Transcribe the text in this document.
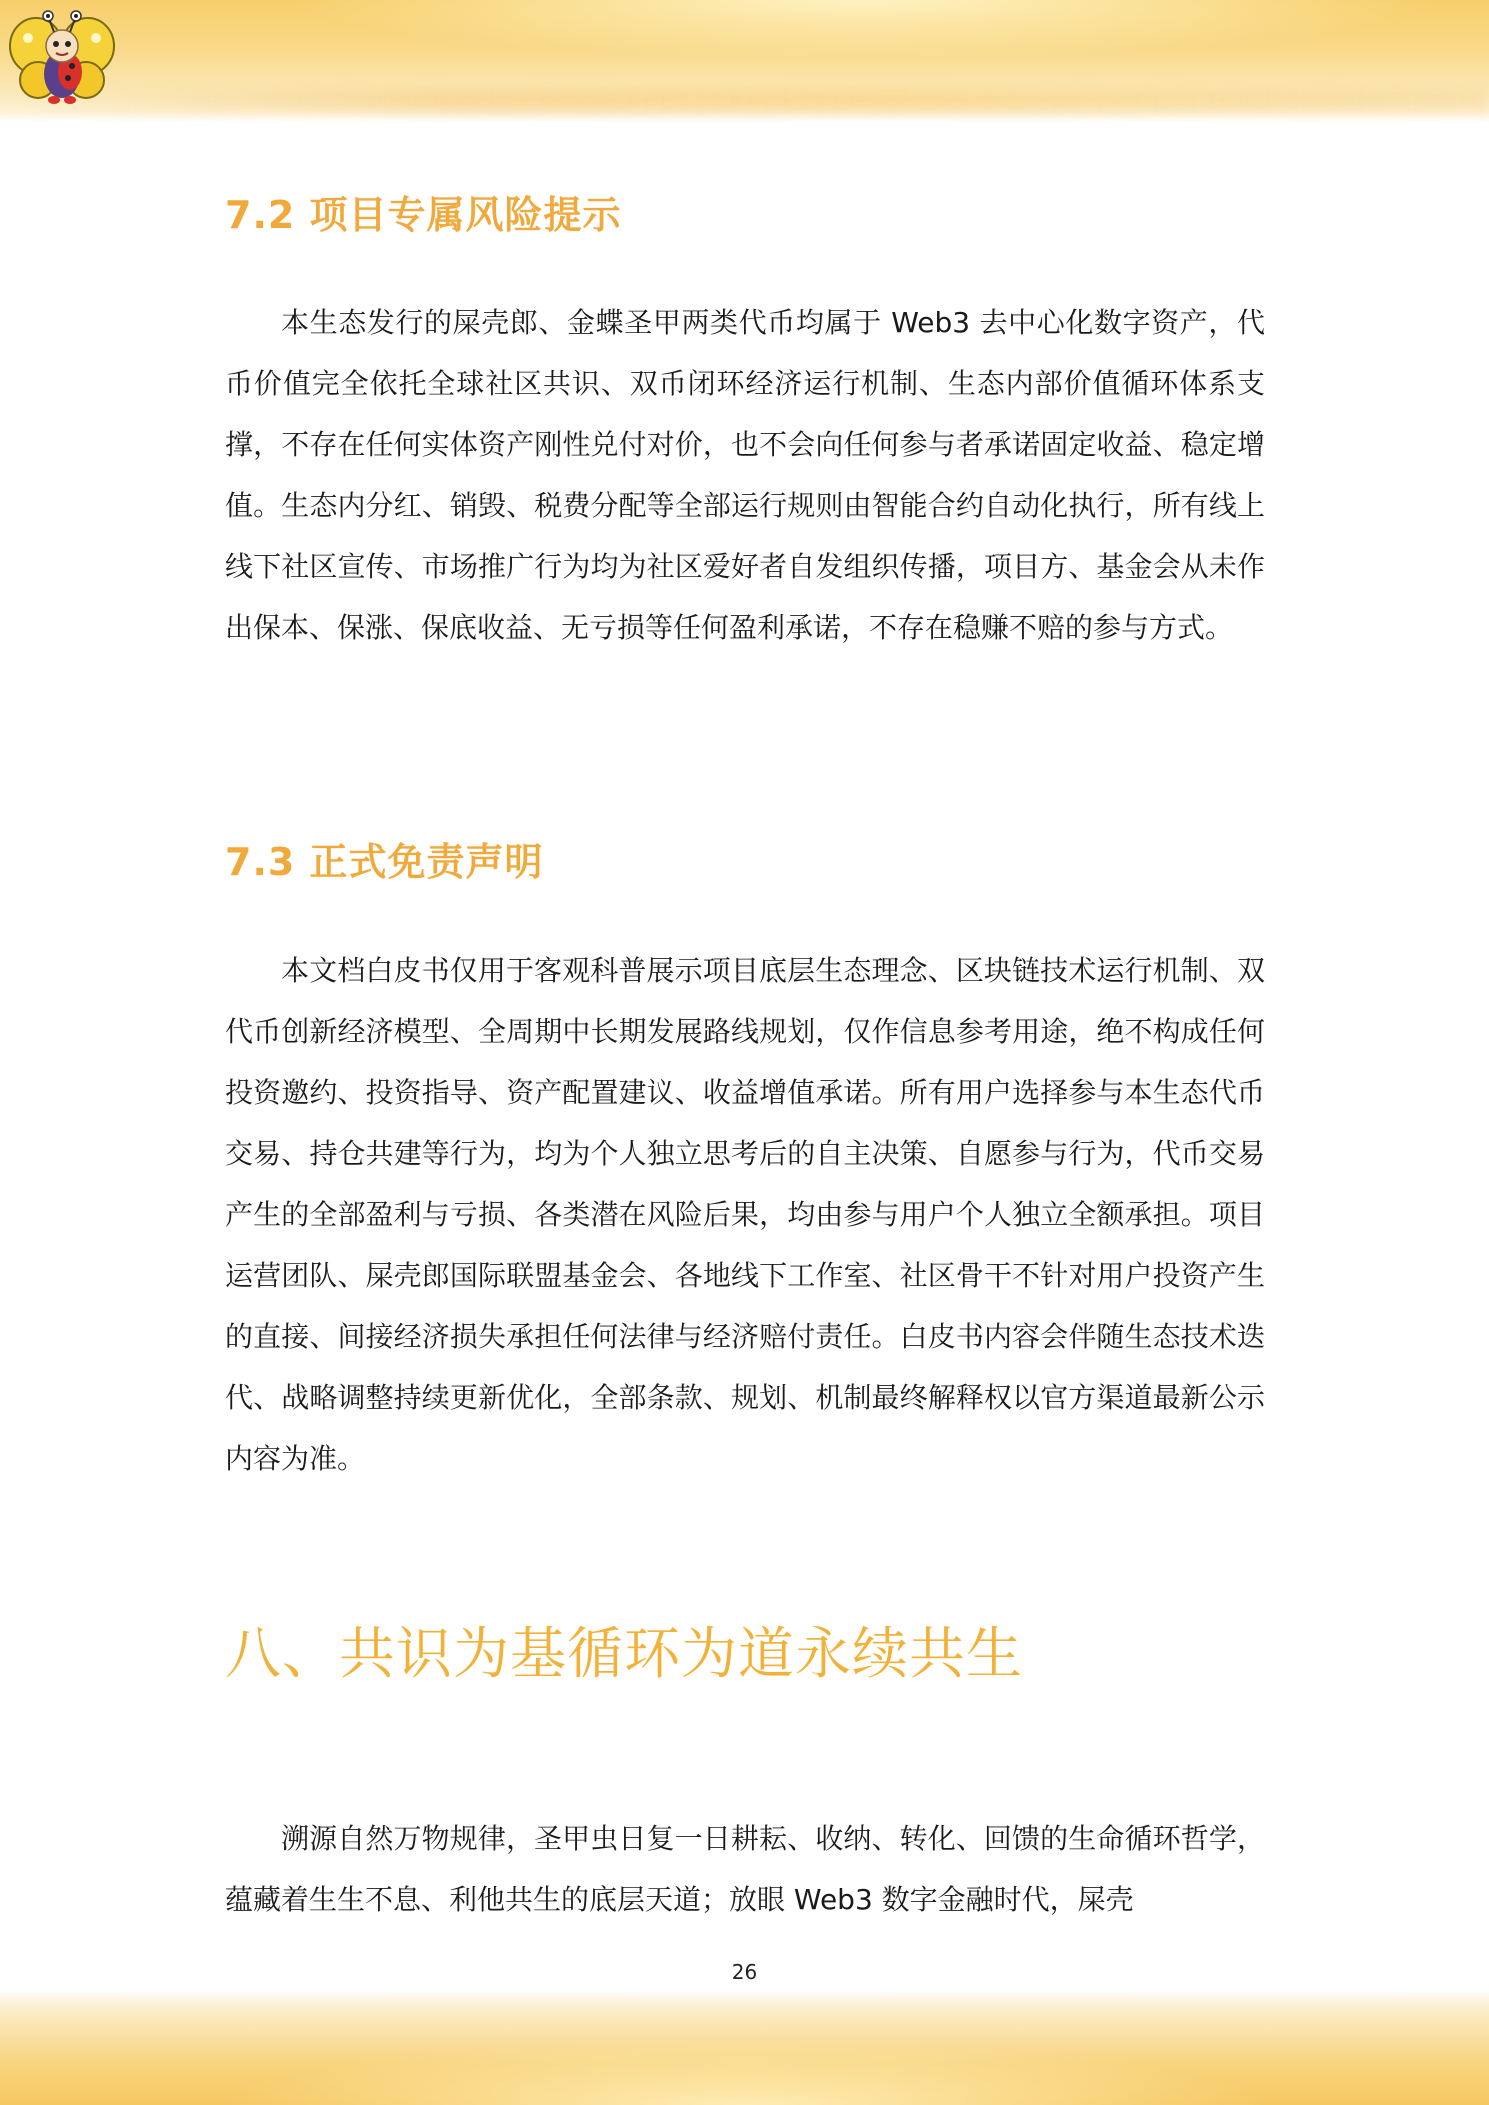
7.2 项目专属风险提示

本生态发行的屎壳郎、金蝶圣甲两类代币均属于 Web3 去中心化数字资产，代币价值完全依托全球社区共识、双币闭环经济运行机制、生态内部价值循环体系支撑，不存在任何实体资产刚性兑付对价，也不会向任何参与者承诺固定收益、稳定增值。生态内分红、销毁、税费分配等全部运行规则由智能合约自动化执行，所有线上线下社区宣传、市场推广行为均为社区爱好者自发组织传播，项目方、基金会从未作出保本、保涨、保底收益、无亏损等任何盈利承诺，不存在稳赚不赔的参与方式。

7.3 正式免责声明

本文档白皮书仅用于客观科普展示项目底层生态理念、区块链技术运行机制、双代币创新经济模型、全周期中长期发展路线规划，仅作信息参考用途，绝不构成任何投资邀约、投资指导、资产配置建议、收益增值承诺。所有用户选择参与本生态代币交易、持仓共建等行为，均为个人独立思考后的自主决策、自愿参与行为，代币交易产生的全部盈利与亏损、各类潜在风险后果，均由参与用户个人独立全额承担。项目运营团队、屎壳郎国际联盟基金会、各地线下工作室、社区骨干不针对用户投资产生的直接、间接经济损失承担任何法律与经济赔付责任。白皮书内容会伴随生态技术迭代、战略调整持续更新优化，全部条款、规划、机制最终解释权以官方渠道最新公示内容为准。

八、共识为基循环为道永续共生

溯源自然万物规律，圣甲虫日复一日耕耘、收纳、转化、回馈的生命循环哲学，蕴藏着生生不息、利他共生的底层天道；放眼 Web3 数字金融时代，屎壳

26
